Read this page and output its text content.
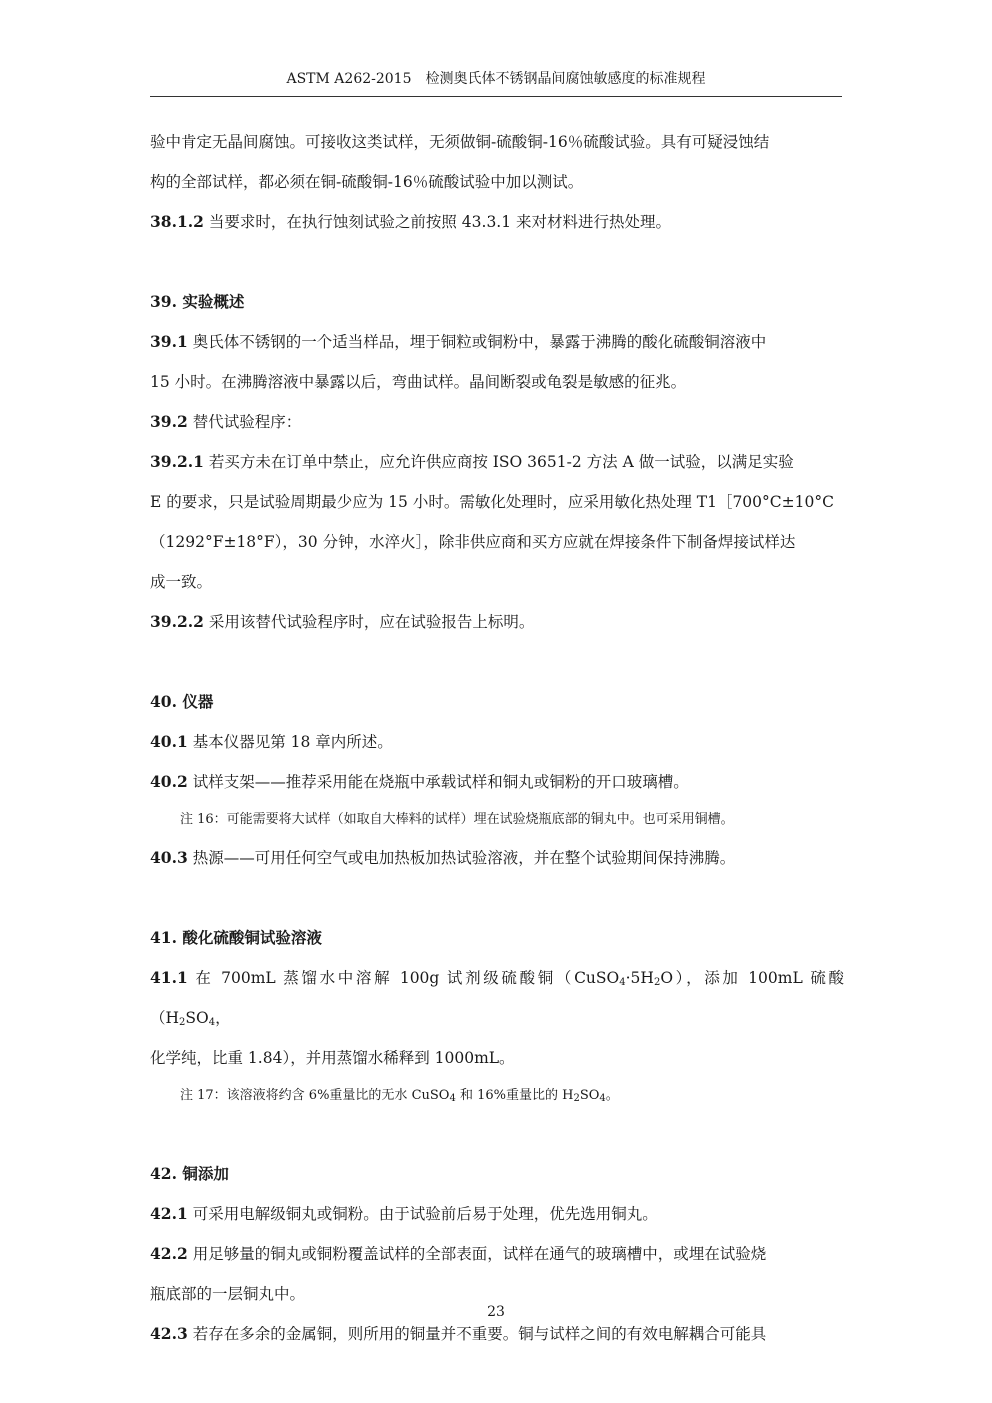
ASTM A262-2015　检测奥氏体不锈钢晶间腐蚀敏感度的标准规程

验中肯定无晶间腐蚀。可接收这类试样，无须做铜-硫酸铜-16％硫酸试验。具有可疑浸蚀结

构的全部试样，都必须在铜-硫酸铜-16％硫酸试验中加以测试。

38.1.2 当要求时，在执行蚀刻试验之前按照 43.3.1 来对材料进行热处理。

39. 实验概述

39.1 奥氏体不锈钢的一个适当样品，埋于铜粒或铜粉中，暴露于沸腾的酸化硫酸铜溶液中

15 小时。在沸腾溶液中暴露以后，弯曲试样。晶间断裂或龟裂是敏感的征兆。

39.2 替代试验程序：

39.2.1 若买方未在订单中禁止，应允许供应商按 ISO 3651-2 方法 A 做一试验，以满足实验

E 的要求，只是试验周期最少应为 15 小时。需敏化处理时，应采用敏化热处理 T1［700°C±10°C

（1292°F±18°F），30 分钟，水淬火］，除非供应商和买方应就在焊接条件下制备焊接试样达

成一致。

39.2.2 采用该替代试验程序时，应在试验报告上标明。

40. 仪器

40.1 基本仪器见第 18 章内所述。

40.2 试样支架——推荐采用能在烧瓶中承载试样和铜丸或铜粉的开口玻璃槽。

注 16：可能需要将大试样（如取自大棒料的试样）埋在试验烧瓶底部的铜丸中。也可采用铜槽。

40.3 热源——可用任何空气或电加热板加热试验溶液，并在整个试验期间保持沸腾。

41. 酸化硫酸铜试验溶液

41.1 在 700mL 蒸馏水中溶解 100g 试剂级硫酸铜$(CuSO_4\cdot 5H_2O)$，添加 100mL 硫酸（$H_2SO_4$，

化学纯，比重 1.84），并用蒸馏水稀释到 1000mL。

注 17：该溶液将约含 6%重量比的无水 CuSO$_4$ 和 16%重量比的 $H_2SO_4$。

42. 铜添加

42.1 可采用电解级铜丸或铜粉。由于试验前后易于处理，优先选用铜丸。

42.2 用足够量的铜丸或铜粉覆盖试样的全部表面，试样在通气的玻璃槽中，或埋在试验烧

瓶底部的一层铜丸中。

42.3 若存在多余的金属铜，则所用的铜量并不重要。铜与试样之间的有效电解耦合可能具

23
